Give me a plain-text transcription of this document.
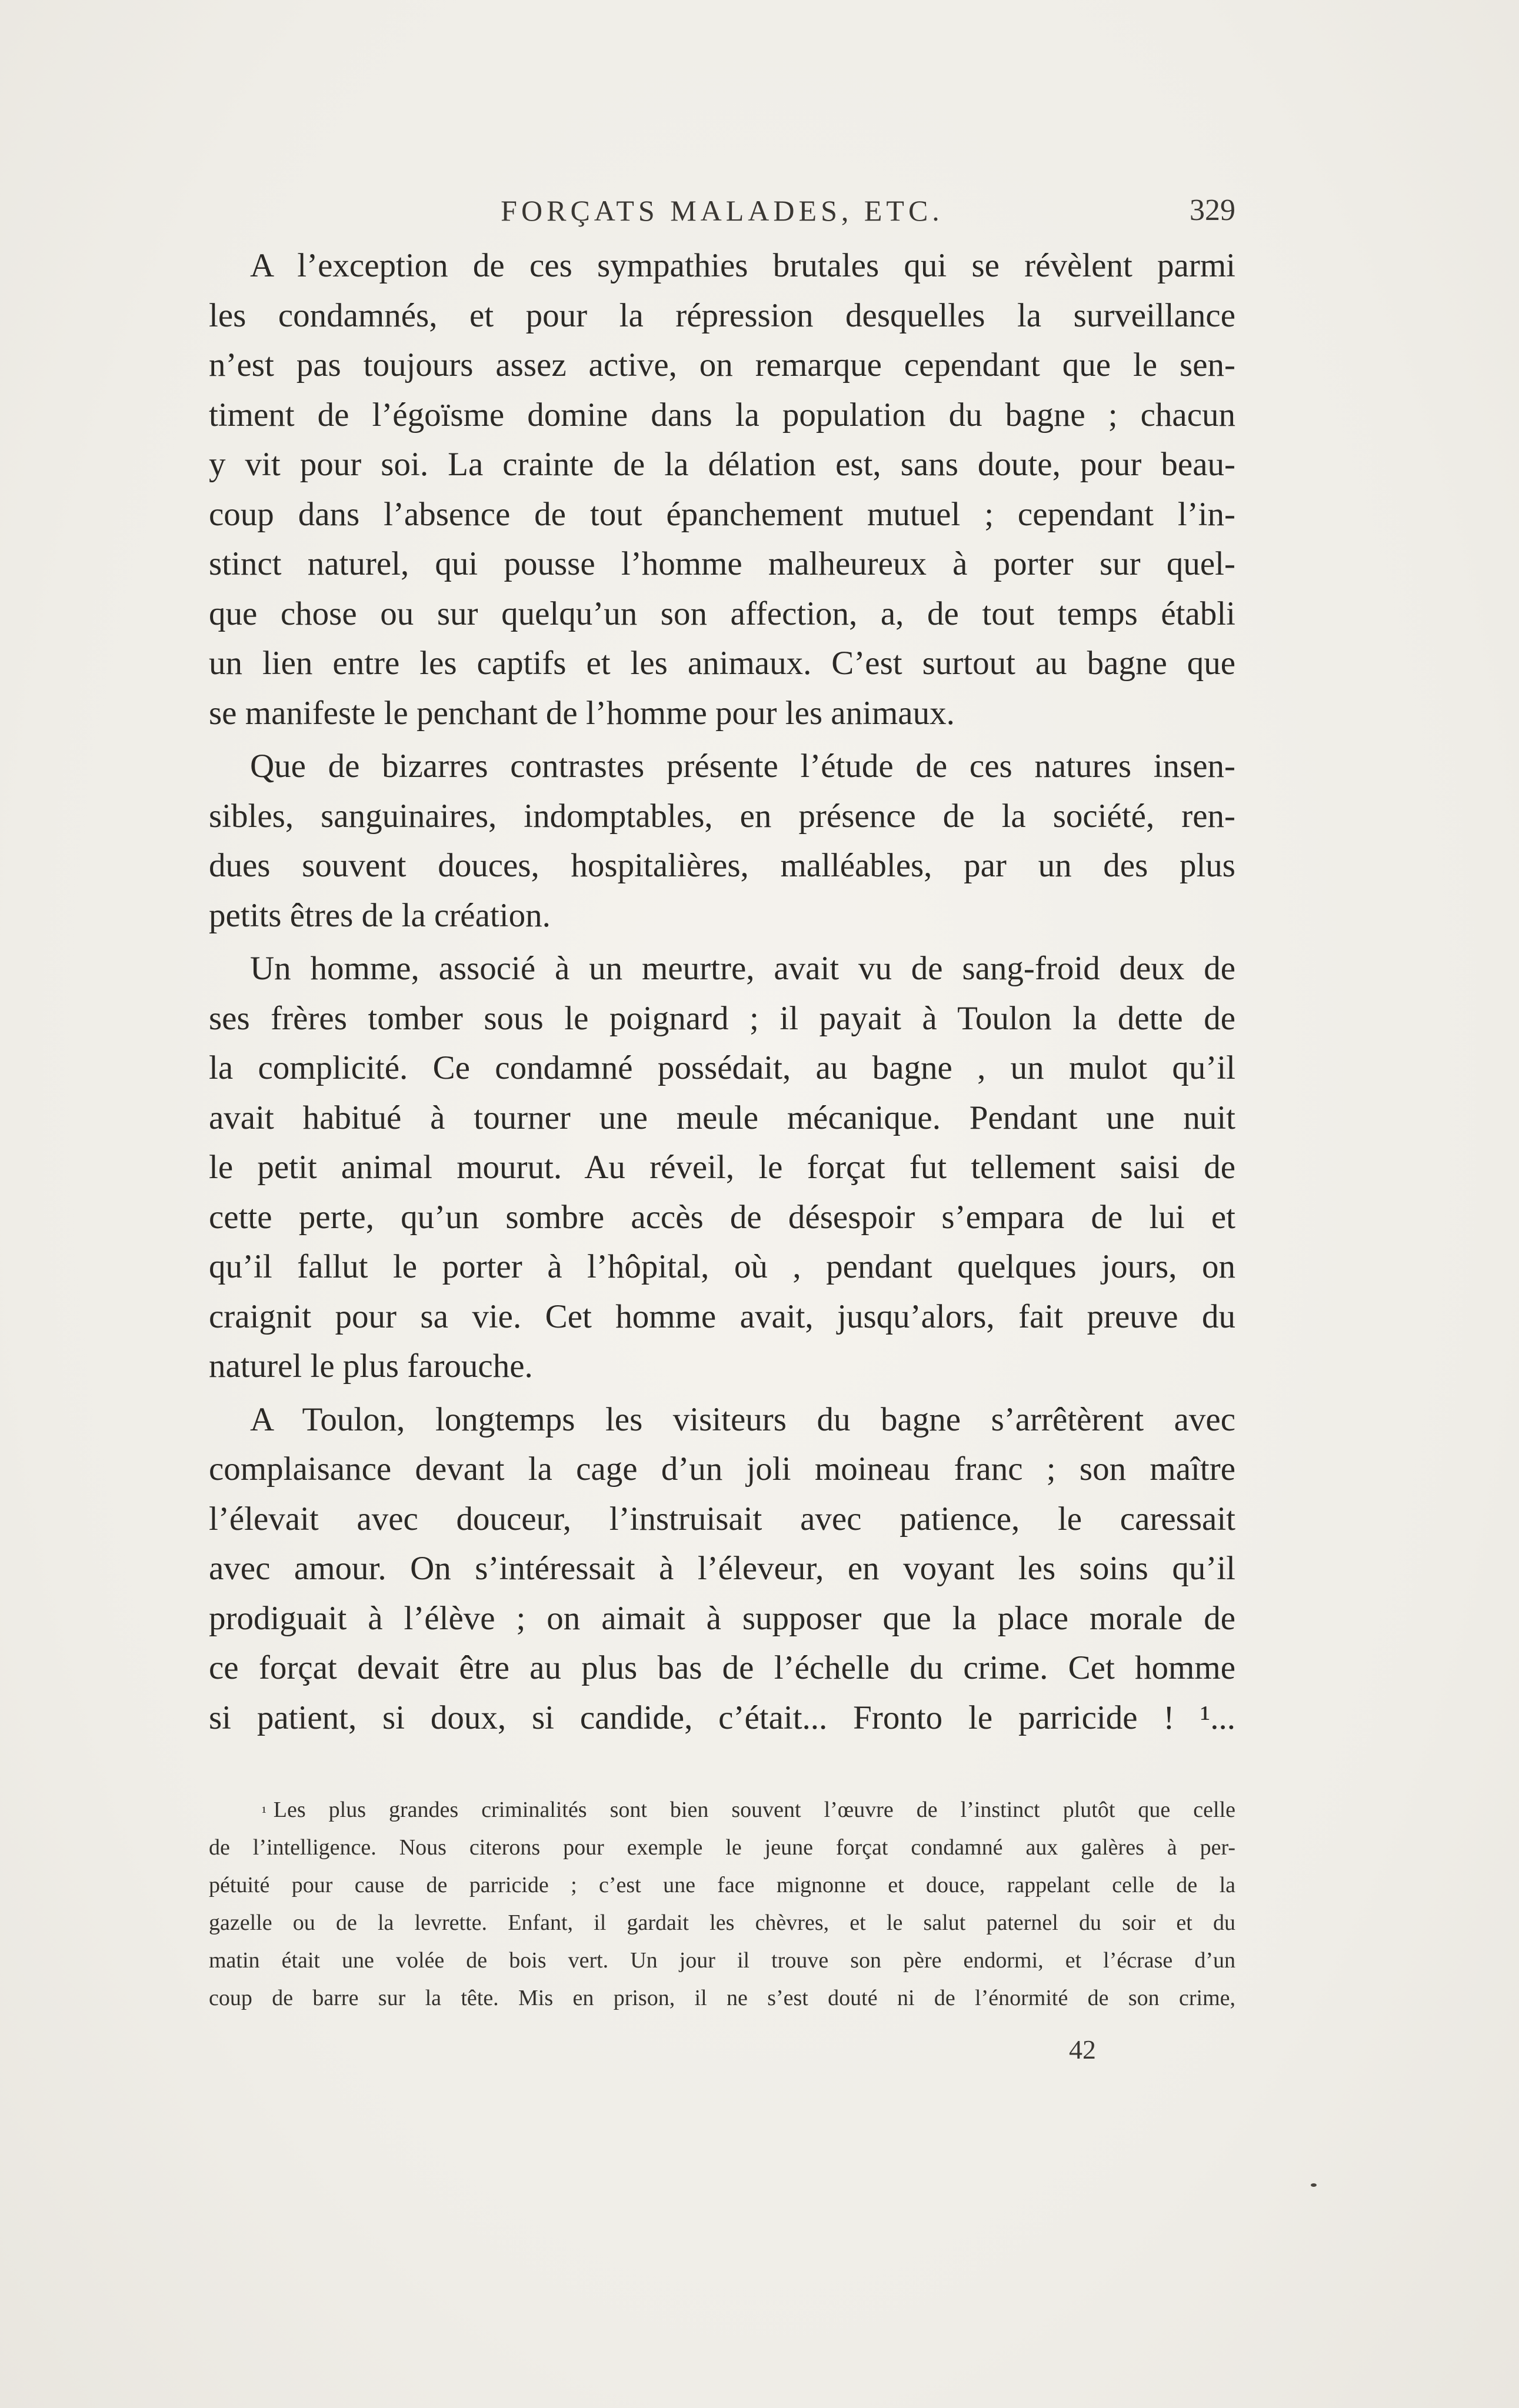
FORÇATS MALADES, ETC.	329

A l’exception de ces sympathies brutales qui se révèlent parmi
les condamnés, et pour la répression desquelles la surveillance
n’est pas toujours assez active, on remarque cependant que le sen-
timent de l’égoïsme domine dans la population du bagne ; chacun
y vit pour soi. La crainte de la délation est, sans doute, pour beau-
coup dans l’absence de tout épanchement mutuel ; cependant l’in-
stinct naturel, qui pousse l’homme malheureux à porter sur quel-
que chose ou sur quelqu’un son affection, a, de tout temps établi
un lien entre les captifs et les animaux. C’est surtout au bagne que
se manifeste le penchant de l’homme pour les animaux.

Que de bizarres contrastes présente l’étude de ces natures insen-
sibles, sanguinaires, indomptables, en présence de la société, ren-
dues souvent douces, hospitalières, malléables, par un des plus
petits êtres de la création.

Un homme, associé à un meurtre, avait vu de sang-froid deux de
ses frères tomber sous le poignard ; il payait à Toulon la dette de
la complicité. Ce condamné possédait, au bagne , un mulot qu’il
avait habitué à tourner une meule mécanique. Pendant une nuit
le petit animal mourut. Au réveil, le forçat fut tellement saisi de
cette perte, qu’un sombre accès de désespoir s’empara de lui et
qu’il fallut le porter à l’hôpital, où , pendant quelques jours, on
craignit pour sa vie. Cet homme avait, jusqu’alors, fait preuve du
naturel le plus farouche.

A Toulon, longtemps les visiteurs du bagne s’arrêtèrent avec
complaisance devant la cage d’un joli moineau franc ; son maître
l’élevait avec douceur, l’instruisait avec patience, le caressait
avec amour. On s’intéressait à l’éleveur, en voyant les soins qu’il
prodiguait à l’élève ; on aimait à supposer que la place morale de
ce forçat devait être au plus bas de l’échelle du crime. Cet homme
si patient, si doux, si candide, c’était... Fronto le parricide ! ¹...

$^{^1}$ Les plus grandes criminalités sont bien souvent l’œuvre de l’instinct plutôt que celle
de l’intelligence. Nous citerons pour exemple le jeune forçat condamné aux galères à per-
pétuité pour cause de parricide ; c’est une face mignonne et douce, rappelant celle de la
gazelle ou de la levrette. Enfant, il gardait les chèvres, et le salut paternel du soir et du
matin était une volée de bois vert. Un jour il trouve son père endormi, et l’écrase d’un
coup de barre sur la tête. Mis en prison, il ne s’est douté ni de l’énormité de son crime,
42
